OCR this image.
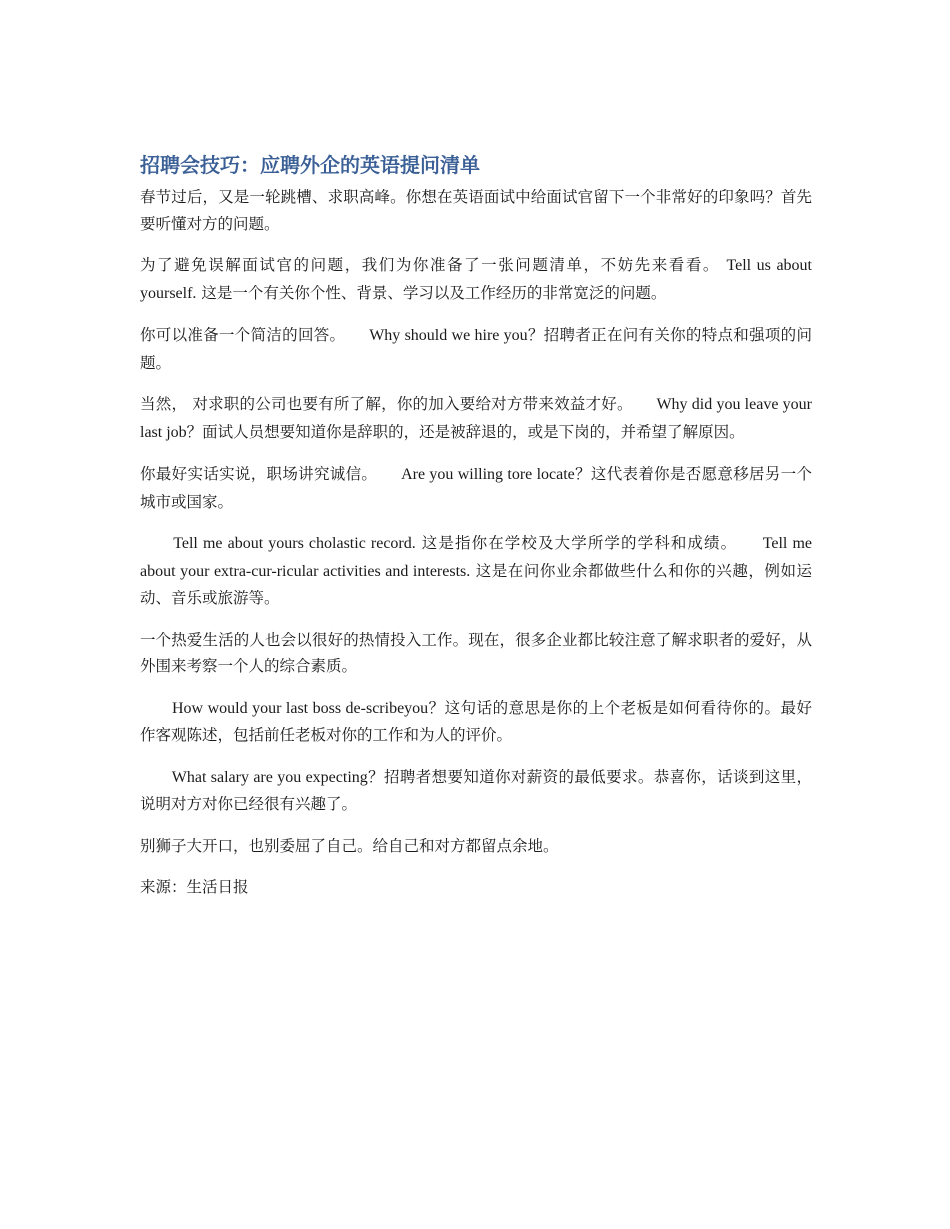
招聘会技巧：应聘外企的英语提问清单

春节过后，又是一轮跳槽、求职高峰。你想在英语面试中给面试官留下一个非常好的印象吗？首先要听懂对方的问题。

为了避免误解面试官的问题，我们为你准备了一张问题清单，不妨先来看看。 Tell us about yourself. 这是一个有关你个性、背景、学习以及工作经历的非常宽泛的问题。

你可以准备一个简洁的回答。　　Why should we hire you？招聘者正在问有关你的特点和强项的问题。

当然， 对求职的公司也要有所了解，你的加入要给对方带来效益才好。　　Why did you leave your last job？面试人员想要知道你是辞职的，还是被辞退的，或是下岗的，并希望了解原因。

你最好实话实说，职场讲究诚信。　　Are you willing tore locate？这代表着你是否愿意移居另一个城市或国家。

　　Tell me about yours cholastic record. 这是指你在学校及大学所学的学科和成绩。　　Tell me about your extra-cur-ricular activities and interests. 这是在问你业余都做些什么和你的兴趣，例如运动、音乐或旅游等。

一个热爱生活的人也会以很好的热情投入工作。现在，很多企业都比较注意了解求职者的爱好，从外围来考察一个人的综合素质。

　　How would your last boss de-scribeyou？这句话的意思是你的上个老板是如何看待你的。最好作客观陈述，包括前任老板对你的工作和为人的评价。

　　What salary are you expecting？招聘者想要知道你对薪资的最低要求。恭喜你，话谈到这里，说明对方对你已经很有兴趣了。

别狮子大开口，也别委屈了自己。给自己和对方都留点余地。

来源：生活日报
